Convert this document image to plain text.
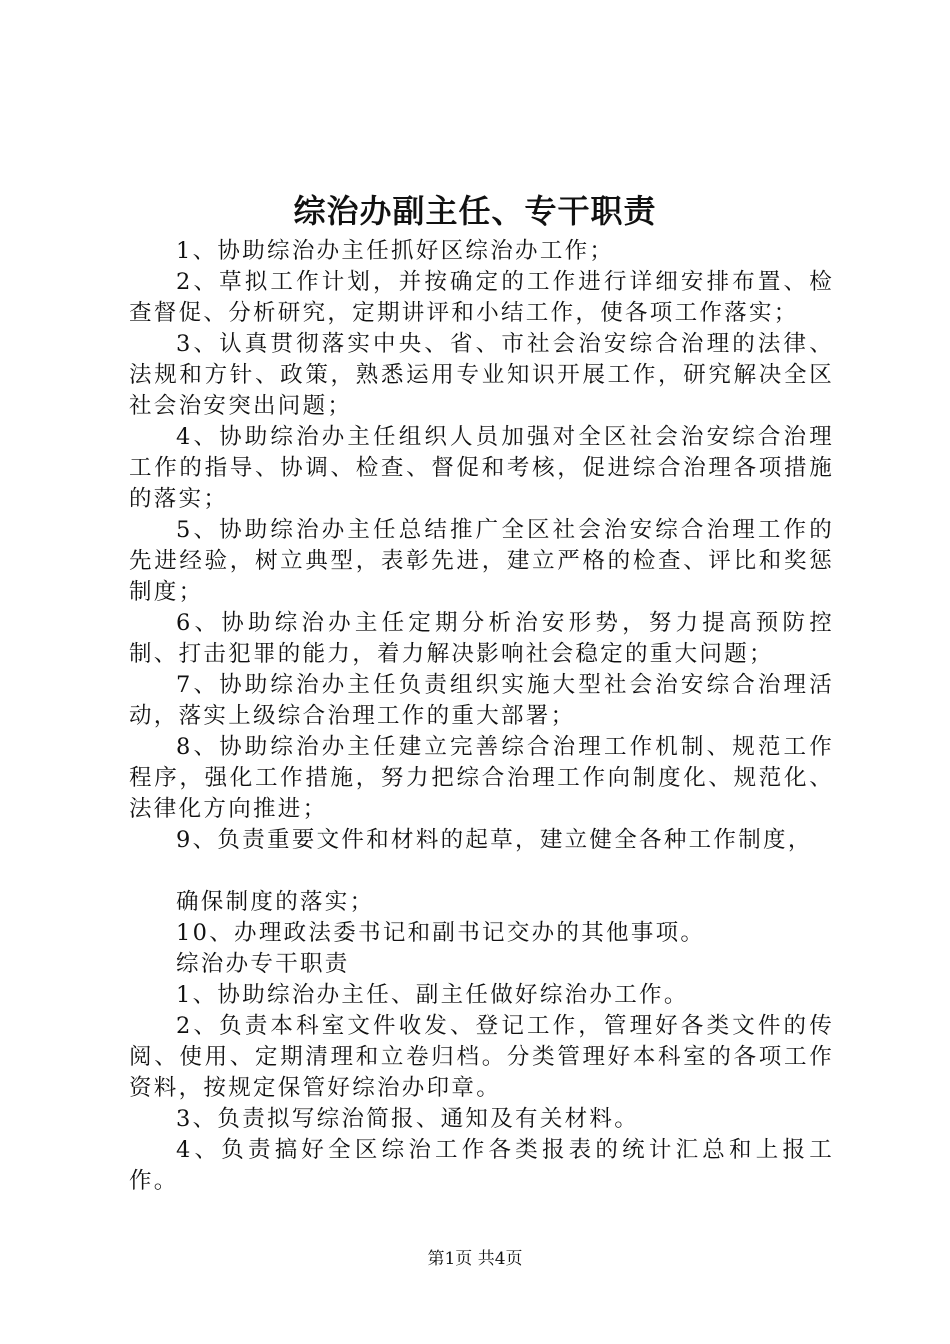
综治办副主任、专干职责

1、协助综治办主任抓好区综治办工作；

2、草拟工作计划，并按确定的工作进行详细安排布置、检查督促、分析研究，定期讲评和小结工作，使各项工作落实；

3、认真贯彻落实中央、省、市社会治安综合治理的法律、法规和方针、政策，熟悉运用专业知识开展工作，研究解决全区社会治安突出问题；

4、协助综治办主任组织人员加强对全区社会治安综合治理工作的指导、协调、检查、督促和考核，促进综合治理各项措施的落实；

5、协助综治办主任总结推广全区社会治安综合治理工作的先进经验，树立典型，表彰先进，建立严格的检查、评比和奖惩制度；

6、协助综治办主任定期分析治安形势，努力提高预防控制、打击犯罪的能力，着力解决影响社会稳定的重大问题；

7、协助综治办主任负责组织实施大型社会治安综合治理活动，落实上级综合治理工作的重大部署；

8、协助综治办主任建立完善综合治理工作机制、规范工作程序，强化工作措施，努力把综合治理工作向制度化、规范化、法律化方向推进；

9、负责重要文件和材料的起草，建立健全各种工作制度，

确保制度的落实；

10、办理政法委书记和副书记交办的其他事项。

综治办专干职责

1、协助综治办主任、副主任做好综治办工作。

2、负责本科室文件收发、登记工作，管理好各类文件的传阅、使用、定期清理和立卷归档。分类管理好本科室的各项工作资料，按规定保管好综治办印章。

3、负责拟写综治简报、通知及有关材料。

4、负责搞好全区综治工作各类报表的统计汇总和上报工作。

第1页 共4页
